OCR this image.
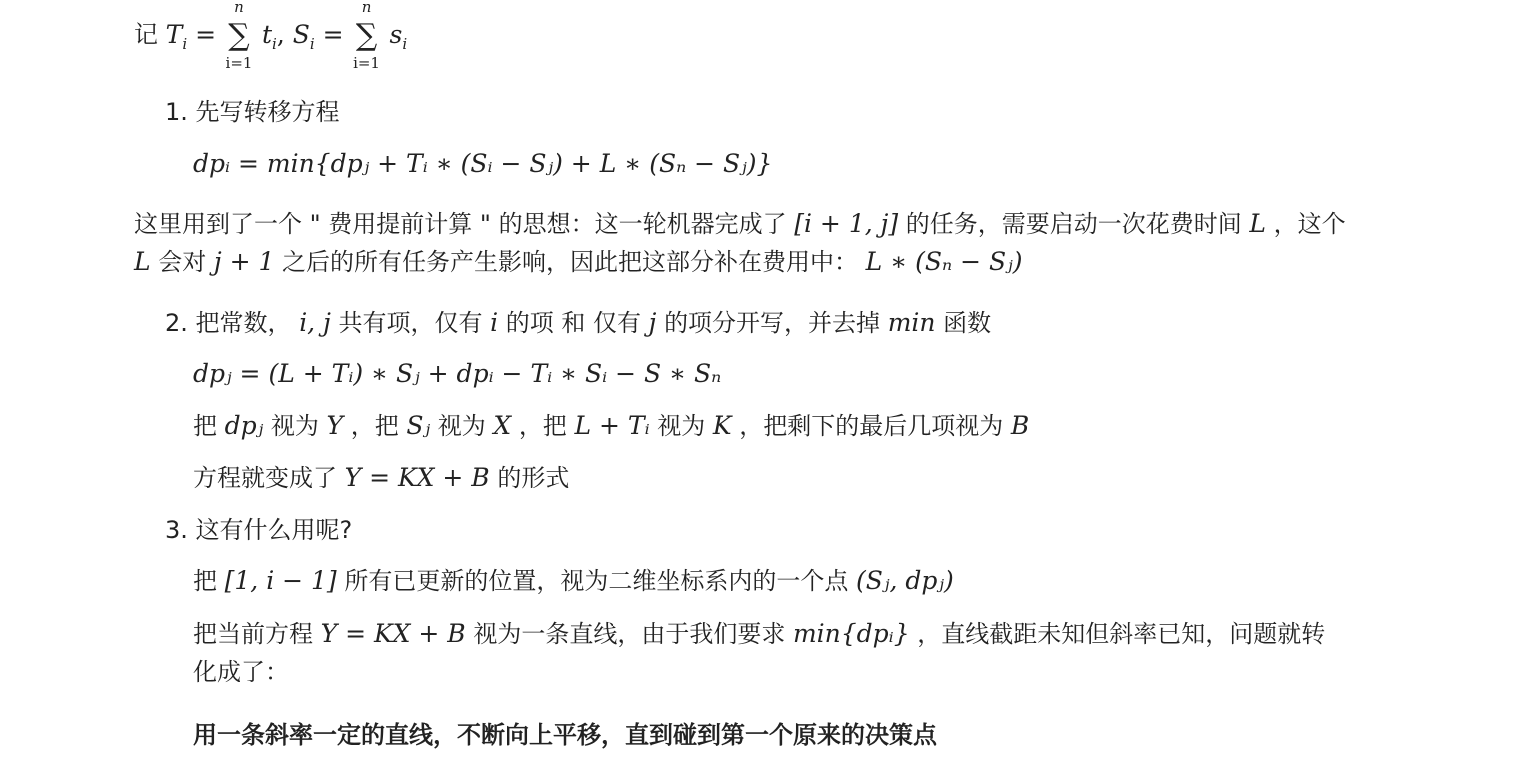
记 $T_i$ =
n
∑
i=1
$t_i$, $S_i$ =
n
∑
i=1
$s_i$
1. 先写转移方程
dpᵢ = min{dpⱼ + Tᵢ ∗ (Sᵢ − Sⱼ) + L ∗ (Sₙ − Sⱼ)}
这里用到了一个 " 费用提前计算 " 的思想：这一轮机器完成了 [i + 1, j] 的任务，需要启动一次花费时间 L ，这个
L 会对 j + 1 之后的所有任务产生影响，因此把这部分补在费用中： L ∗ (Sₙ − Sⱼ)
2. 把常数， i, j 共有项，仅有 i 的项 和 仅有 j 的项分开写，并去掉 min 函数
dpⱼ = (L + Tᵢ) ∗ Sⱼ + dpᵢ − Tᵢ ∗ Sᵢ − S ∗ Sₙ
把 dpⱼ 视为 Y ，把 Sⱼ 视为 X ，把 L + Tᵢ 视为 K ，把剩下的最后几项视为 B
方程就变成了 Y = KX + B 的形式
3. 这有什么用呢?
把 [1, i − 1] 所有已更新的位置，视为二维坐标系内的一个点 (Sⱼ, dpⱼ)
把当前方程 Y = KX + B 视为一条直线，由于我们要求 min{dpᵢ} ，直线截距未知但斜率已知，问题就转
化成了：
用一条斜率一定的直线，不断向上平移，直到碰到第一个原来的决策点
